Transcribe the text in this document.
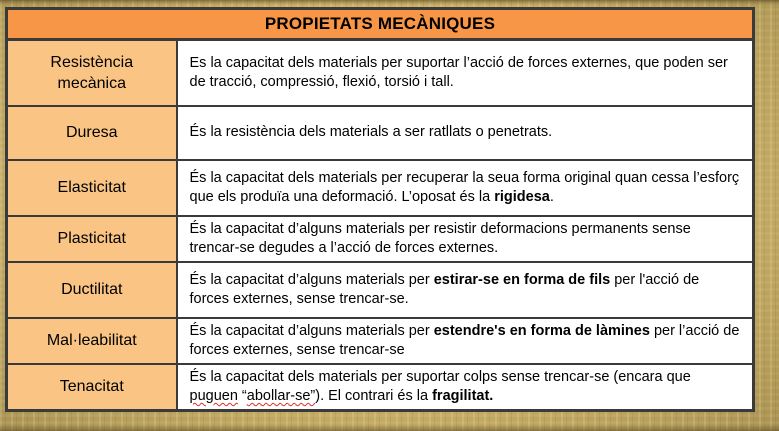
PROPIETATS MECÀNIQUES	
Resistència mecànica	Es la capacitat dels materials per suportar l’acció de forces externes, que poden ser de tracció, compressió, flexió, torsió i tall.
Duresa	És la resistència dels materials a ser ratllats o penetrats.
Elasticitat	És la capacitat dels materials per recuperar la seua forma original quan cessa l’esforç que els produïa una deformació. L’oposat és la rigidesa.
Plasticitat	És la capacitat d’alguns materials per resistir deformacions permanents sense trencar-se degudes a l’acció de forces externes.
Ductilitat	És la capacitat d’alguns materials per estirar-se en forma de fils per l'acció de forces externes, sense trencar-se.
Mal·leabilitat	És la capacitat d’alguns materials per estendre's en forma de làmines per l’acció de forces externes, sense trencar-se
Tenacitat	És la capacitat dels materials per suportar colps sense trencar-se (encara que puguen “abollar-se”). El contrari és la fragilitat.
